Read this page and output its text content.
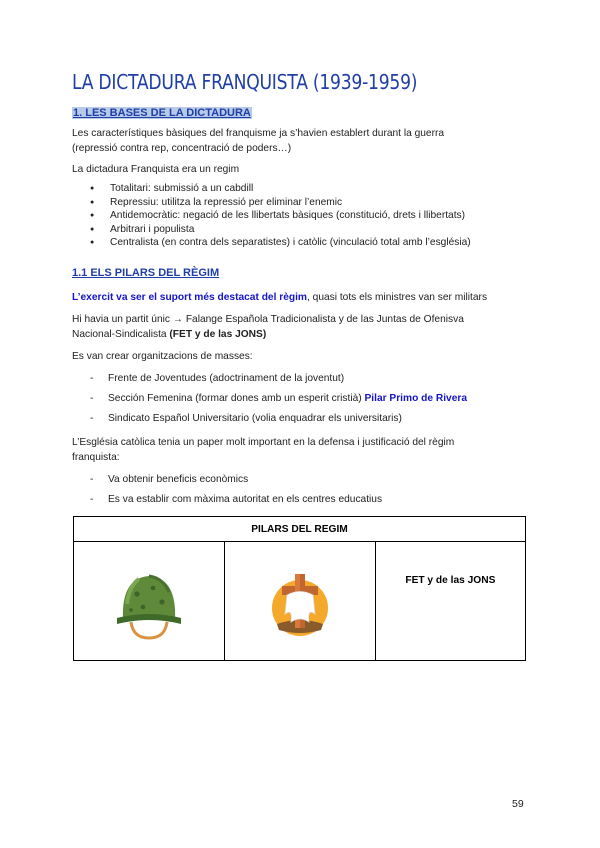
LA DICTADURA FRANQUISTA (1939-1959)
1. LES BASES DE LA DICTADURA
Les característiques bàsiques del franquisme ja s’havien establert durant la guerra
(repressió contra rep, concentració de poders…)
La dictadura Franquista era un regim
● Totalitari: submissió a un cabdill
● Repressiu: utilitza la repressió per eliminar l’enemic
● Antidemocràtic: negació de les llibertats bàsiques (constitució, drets i llibertats)
● Arbitrari i populista
● Centralista (en contra dels separatistes) i catòlic (vinculació total amb l’església)
1.1 ELS PILARS DEL RÈGIM
L’exercit va ser el suport més destacat del règim, quasi tots els ministres van ser militars
Hi havia un partit únic → Falange Española Tradicionalista y de las Juntas de Ofenisva
Nacional-Sindicalista (FET y de las JONS)
Es van crear organitzacions de masses:
- Frente de Joventudes (adoctrinament de la joventut)
- Sección Femenina (formar dones amb un esperit cristià) Pilar Primo de Rivera
- Sindicato Español Universitario (volia enquadrar els universitaris)
L’Església catòlica tenia un paper molt important en la defensa i justificació del règim
franquista:
- Va obtenir beneficis econòmics
- Es va establir com màxima autoritat en els centres educatius
PILARS DEL REGIM

	$^{FET y de las JONS}$
59
